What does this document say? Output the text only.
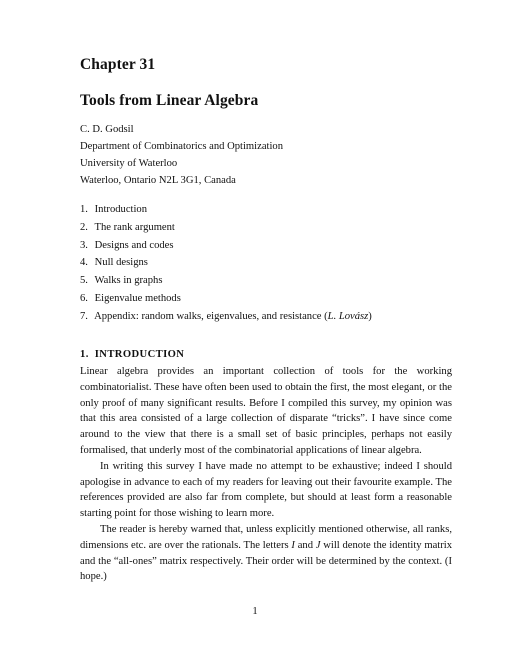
Chapter 31
Tools from Linear Algebra
C. D. Godsil
Department of Combinatorics and Optimization
University of Waterloo
Waterloo, Ontario N2L 3G1, Canada
1. Introduction
2. The rank argument
3. Designs and codes
4. Null designs
5. Walks in graphs
6. Eigenvalue methods
7. Appendix: random walks, eigenvalues, and resistance (L. Lovász)
1. INTRODUCTION

Linear algebra provides an important collection of tools for the working combinatorialist. These have often been used to obtain the first, the most elegant, or the only proof of many significant results. Before I compiled this survey, my opinion was that this area consisted of a large collection of disparate “tricks”. I have since come around to the view that there is a small set of basic principles, perhaps not easily formalised, that underly most of the combinatorial applications of linear algebra.

In writing this survey I have made no attempt to be exhaustive; indeed I should apologise in advance to each of my readers for leaving out their favourite example. The references provided are also far from complete, but should at least form a reasonable starting point for those wishing to learn more.

The reader is hereby warned that, unless explicitly mentioned otherwise, all ranks, dimensions etc. are over the rationals. The letters I and J will denote the identity matrix and the “all-ones” matrix respectively. Their order will be determined by the context. (I hope.)

1
